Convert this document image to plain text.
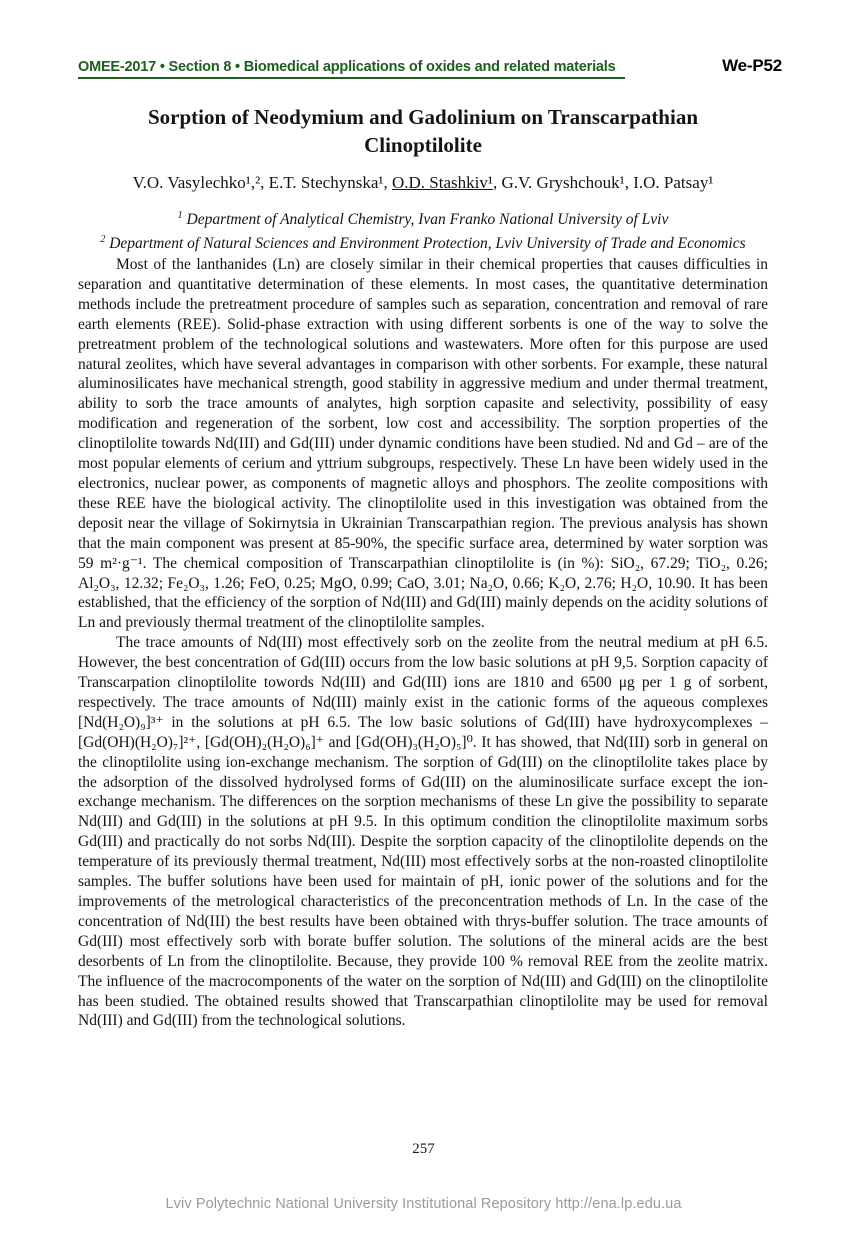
OMEE-2017 • Section 8 • Biomedical applications of oxides and related materials	We-P52
Sorption of Neodymium and Gadolinium on Transcarpathian Clinoptilolite
V.O. Vasylechko¹,², E.T. Stechynska¹, O.D. Stashkiv¹, G.V. Gryshchouk¹, I.O. Patsay¹
$^1$ Department of Analytical Chemistry, Ivan Franko National University of Lviv
$^2$ Department of Natural Sciences and Environment Protection, Lviv University of Trade and Economics

Most of the lanthanides (Ln) are closely similar in their chemical properties that causes difficulties in separation and quantitative determination of these elements. In most cases, the quantitative determination methods include the pretreatment procedure of samples such as separation, concentration and removal of rare earth elements (REE). Solid-phase extraction with using different sorbents is one of the way to solve the pretreatment problem of the technological solutions and wastewaters. More often for this purpose are used natural zeolites, which have several advantages in comparison with other sorbents. For example, these natural aluminosilicates have mechanical strength, good stability in aggressive medium and under thermal treatment, ability to sorb the trace amounts of analytes, high sorption capasite and selectivity, possibility of easy modification and regeneration of the sorbent, low cost and accessibility. The sorption properties of the clinoptilolite towards Nd(III) and Gd(III) under dynamic conditions have been studied. Nd and Gd – are of the most popular elements of cerium and yttrium subgroups, respectively. These Ln have been widely used in the electronics, nuclear power, as components of magnetic alloys and phosphors. The zeolite compositions with these REE have the biological activity. The clinoptilolite used in this investigation was obtained from the deposit near the village of Sokirnytsia in Ukrainian Transcarpathian region. The previous analysis has shown that the main component was present at 85-90%, the specific surface area, determined by water sorption was 59 m²·g⁻¹. The chemical composition of Transcarpathian clinoptilolite is (in %): SiO₂, 67.29; TiO₂, 0.26; Al₂O₃, 12.32; Fe₂O₃, 1.26; FeO, 0.25; MgO, 0.99; CaO, 3.01; Na₂O, 0.66; K₂O, 2.76; H₂O, 10.90. It has been established, that the efficiency of the sorption of Nd(III) and Gd(III) mainly depends on the acidity solutions of Ln and previously thermal treatment of the clinoptilolite samples.

The trace amounts of Nd(III) most effectively sorb on the zeolite from the neutral medium at pH 6.5. However, the best concentration of Gd(III) occurs from the low basic solutions at pH 9,5. Sorption capacity of Transcarpation clinoptilolite towords Nd(III) and Gd(III) ions are 1810 and 6500 μg per 1 g of sorbent, respectively. The trace amounts of Nd(III) mainly exist in the cationic forms of the aqueous complexes [Nd(H₂O)₉]³⁺ in the solutions at pH 6.5. The low basic solutions of Gd(III) have hydroxycomplexes – [Gd(OH)(H₂O)₇]²⁺, [Gd(OH)₂(H₂O)₆]⁺ and [Gd(OH)₃(H₂O)₅]⁰. It has showed, that Nd(III) sorb in general on the clinoptilolite using ion-exchange mechanism. The sorption of Gd(III) on the clinoptilolite takes place by the adsorption of the dissolved hydrolysed forms of Gd(III) on the aluminosilicate surface except the ion-exchange mechanism. The differences on the sorption mechanisms of these Ln give the possibility to separate Nd(III) and Gd(III) in the solutions at pH 9.5. In this optimum condition the clinoptilolite maximum sorbs Gd(III) and practically do not sorbs Nd(III). Despite the sorption capacity of the clinoptilolite depends on the temperature of its previously thermal treatment, Nd(III) most effectively sorbs at the non-roasted clinoptilolite samples. The buffer solutions have been used for maintain of pH, ionic power of the solutions and for the improvements of the metrological characteristics of the preconcentration methods of Ln. In the case of the concentration of Nd(III) the best results have been obtained with thrys-buffer solution. The trace amounts of Gd(III) most effectively sorb with borate buffer solution. The solutions of the mineral acids are the best desorbents of Ln from the clinoptilolite. Because, they provide 100 % removal REE from the zeolite matrix. The influence of the macrocomponents of the water on the sorption of Nd(III) and Gd(III) on the clinoptilolite has been studied. The obtained results showed that Transcarpathian clinoptilolite may be used for removal Nd(III) and Gd(III) from the technological solutions.

257
Lviv Polytechnic National University Institutional Repository http://ena.lp.edu.ua
